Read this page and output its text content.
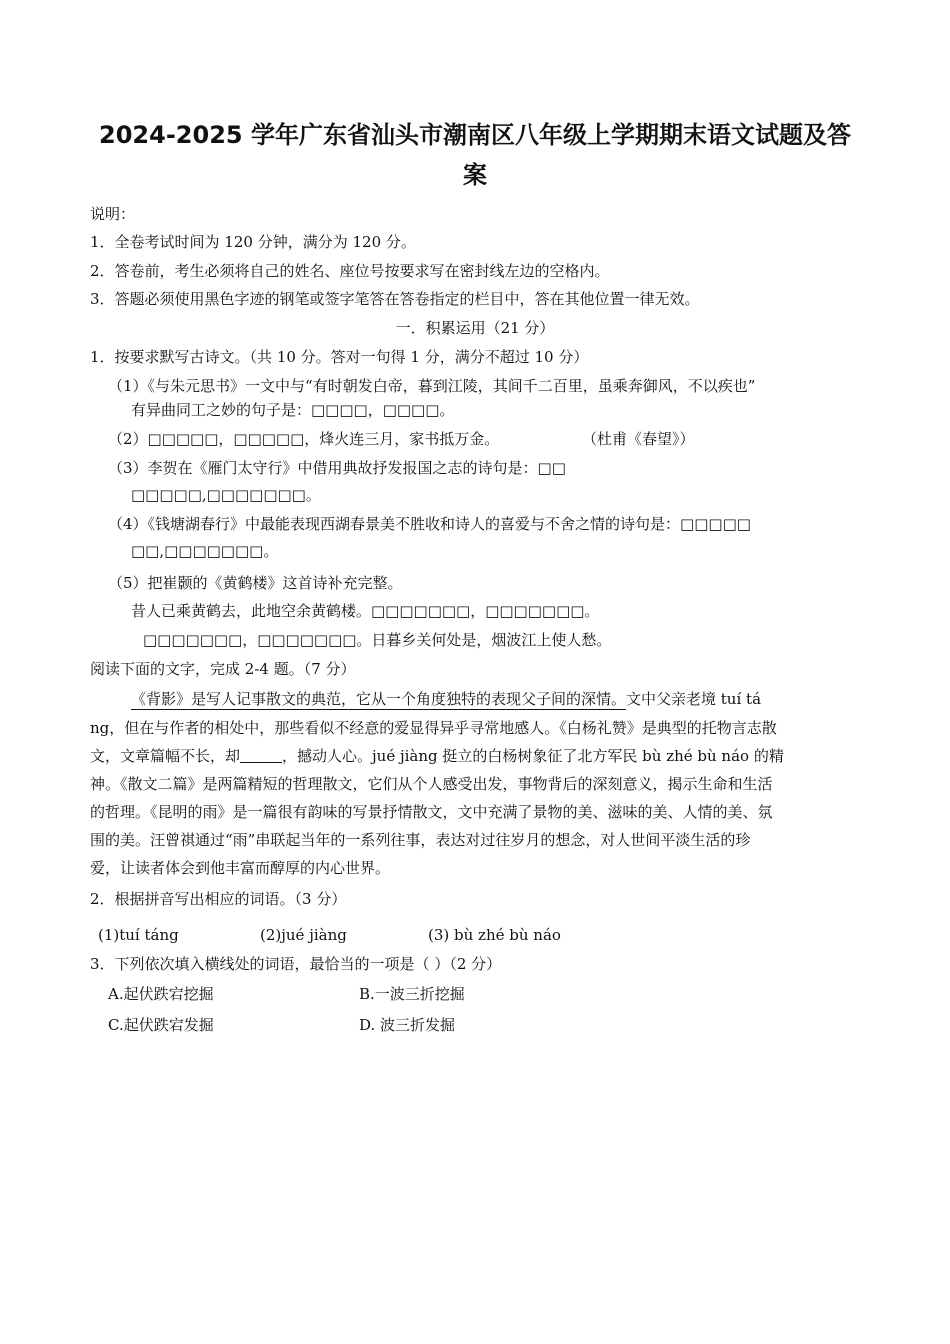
2024-2025 学年广东省汕头市潮南区八年级上学期期末语文试题及答
案

说明：

1．全卷考试时间为 120 分钟，满分为 120 分。

2．答卷前，考生必须将自己的姓名、座位号按要求写在密封线左边的空格内。

3．答题必须使用黑色字迹的钢笔或签字笔答在答卷指定的栏目中，答在其他位置一律无效。

一．积累运用（21 分）

1．按要求默写古诗文。（共 10 分。答对一句得 1 分，满分不超过 10 分）

（1）《与朱元思书》一文中与“有时朝发白帝，暮到江陵，其间千二百里，虽乘奔御风，不以疾也”

有异曲同工之妙的句子是：□□□□，□□□□。

（2）□□□□□，□□□□□，烽火连三月，家书抵万金。	（杜甫《春望》）

（3）李贺在《雁门太守行》中借用典故抒发报国之志的诗句是：□□

□□□□□,□□□□□□□。

（4）《钱塘湖春行》中最能表现西湖春景美不胜收和诗人的喜爱与不舍之情的诗句是：□□□□□

□□,□□□□□□□。

（5）把崔颢的《黄鹤楼》这首诗补充完整。

昔人已乘黄鹤去，此地空余黄鹤楼。□□□□□□□，□□□□□□□。

□□□□□□□，□□□□□□□。日暮乡关何处是，烟波江上使人愁。

阅读下面的文字，完成 2-4 题。（7 分）

《背影》是写人记事散文的典范，它从一个角度独特的表现父子间的深情。文中父亲老境 tuí tá

ng，但在与作者的相处中，那些看似不经意的爱显得异乎寻常地感人。《白杨礼赞》是典型的托物言志散

文，文章篇幅不长，却	，撼动人心。jué jiàng 挺立的白杨树象征了北方军民 bù zhé bù náo 的精

神。《散文二篇》是两篇精短的哲理散文，它们从个人感受出发，事物背后的深刻意义，揭示生命和生活

的哲理。《昆明的雨》是一篇很有韵味的写景抒情散文，文中充满了景物的美、滋味的美、人情的美、氛

围的美。汪曾祺通过“雨”串联起当年的一系列往事，表达对过往岁月的想念，对人世间平淡生活的珍

爱，让读者体会到他丰富而醇厚的内心世界。

2．根据拼音写出相应的词语。（3 分）

(1)tuí táng	(2)jué jiàng	(3) bù zhé bù náo

3．下列依次填入横线处的词语，最恰当的一项是（ ）（2 分）

A.起伏跌宕挖掘	B.一波三折挖掘
C.起伏跌宕发掘	D. 波三折发掘
